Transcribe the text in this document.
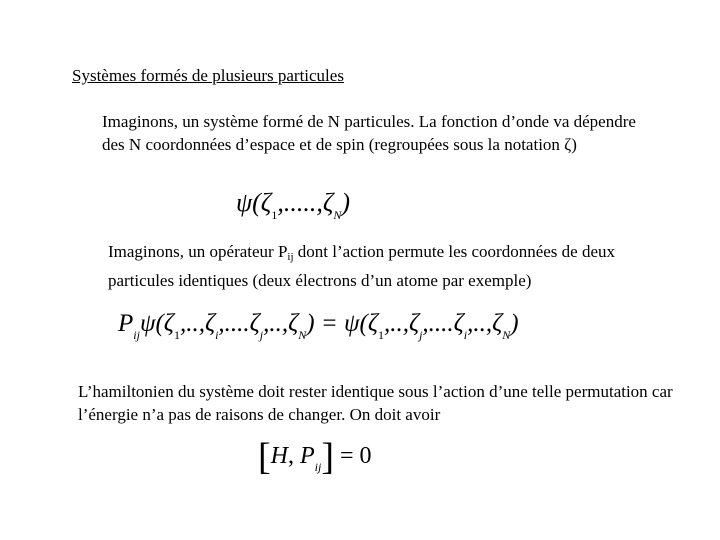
Systèmes formés de plusieurs particules
Imaginons, un système formé de N particules. La fonction d’onde va dépendre des N coordonnées d’espace et de spin (regroupées sous la notation ζ)
$\psi(\zeta_1,.....,\zeta_N)$
Imaginons, un opérateur $P_{ij}$ dont l’action permute les coordonnées de deux particules identiques (deux électrons d’un atome par exemple)
$P_{ij}\psi(\zeta_1,..,\zeta_i,....\zeta_j,..,\zeta_N) = \psi(\zeta_1,..,\zeta_j,....\zeta_i,..,\zeta_N)$
L’hamiltonien du système doit rester identique sous l’action d’une telle permutation car l’énergie n’a pas de raisons de changer. On doit avoir
[H, $P_{ij}] = 0$
